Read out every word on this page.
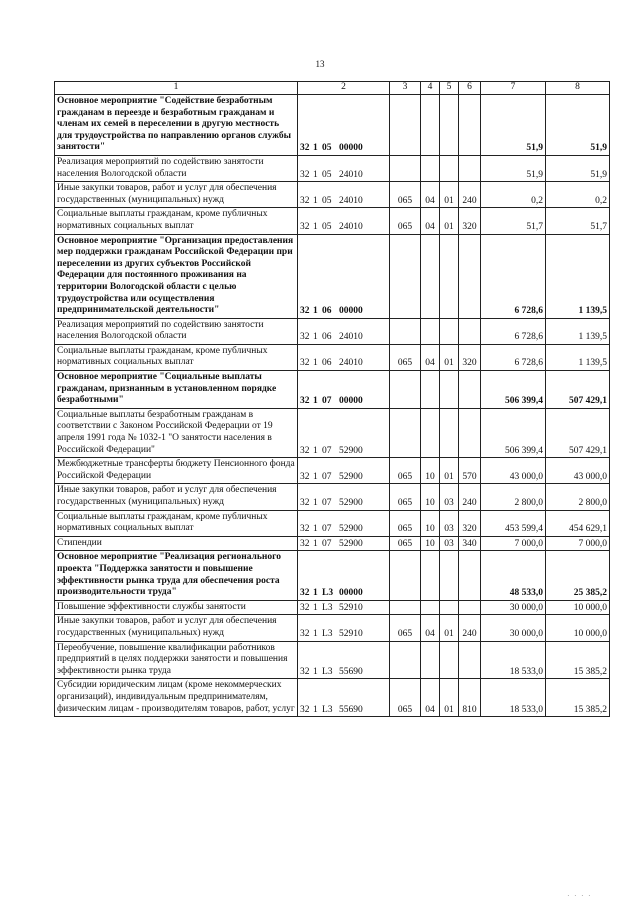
13
1	2	3	4	5	6	7	8
Основное мероприятие "Содействие безработным гражданам в переезде и безработным гражданам и членам их семей в переселении в другую местность для трудоустройства по направлению органов службы занятости"	32 1 05 00000					51,9	51,9
Реализация мероприятий по содействию занятости населения Вологодской области	32 1 05 24010					51,9	51,9
Иные закупки товаров, работ и услуг для обеспечения государственных (муниципальных) нужд	32 1 05 24010	065	04	01	240	0,2	0,2
Социальные выплаты гражданам, кроме публичных нормативных социальных выплат	32 1 05 24010	065	04	01	320	51,7	51,7
Основное мероприятие "Организация предоставления мер поддержки гражданам Российской Федерации при переселении из других субъектов Российской Федерации для постоянного проживания на территории Вологодской области с целью трудоустройства или осуществления предпринимательской деятельности"	32 1 06 00000					6 728,6	1 139,5
Реализация мероприятий по содействию занятости населения Вологодской области	32 1 06 24010					6 728,6	1 139,5
Социальные выплаты гражданам, кроме публичных нормативных социальных выплат	32 1 06 24010	065	04	01	320	6 728,6	1 139,5
Основное мероприятие "Социальные выплаты гражданам, признанным в установленном порядке безработными"	32 1 07 00000					506 399,4	507 429,1
Социальные выплаты безработным гражданам в соответствии с Законом Российской Федерации от 19 апреля 1991 года № 1032-1 "О занятости населения в Российской Федерации"	32 1 07 52900					506 399,4	507 429,1
Межбюджетные трансферты бюджету Пенсионного фонда Российской Федерации	32 1 07 52900	065	10	01	570	43 000,0	43 000,0
Иные закупки товаров, работ и услуг для обеспечения государственных (муниципальных) нужд	32 1 07 52900	065	10	03	240	2 800,0	2 800,0
Социальные выплаты гражданам, кроме публичных нормативных социальных выплат	32 1 07 52900	065	10	03	320	453 599,4	454 629,1
Стипендии	32 1 07 52900	065	10	03	340	7 000,0	7 000,0
Основное мероприятие "Реализация регионального проекта "Поддержка занятости и повышение эффективности рынка труда для обеспечения роста производительности труда"	32 1 L3 00000					48 533,0	25 385,2
Повышение эффективности службы занятости	32 1 L3 52910					30 000,0	10 000,0
Иные закупки товаров, работ и услуг для обеспечения государственных (муниципальных) нужд	32 1 L3 52910	065	04	01	240	30 000,0	10 000,0
Переобучение, повышение квалификации работников предприятий в целях поддержки занятости и повышения эффективности рынка труда	32 1 L3 55690					18 533,0	15 385,2
Субсидии юридическим лицам (кроме некоммерческих организаций), индивидуальным предпринимателям, физическим лицам - производителям товаров, работ, услуг	32 1 L3 55690	065	04	01	810	18 533,0	15 385,2
. . . .
